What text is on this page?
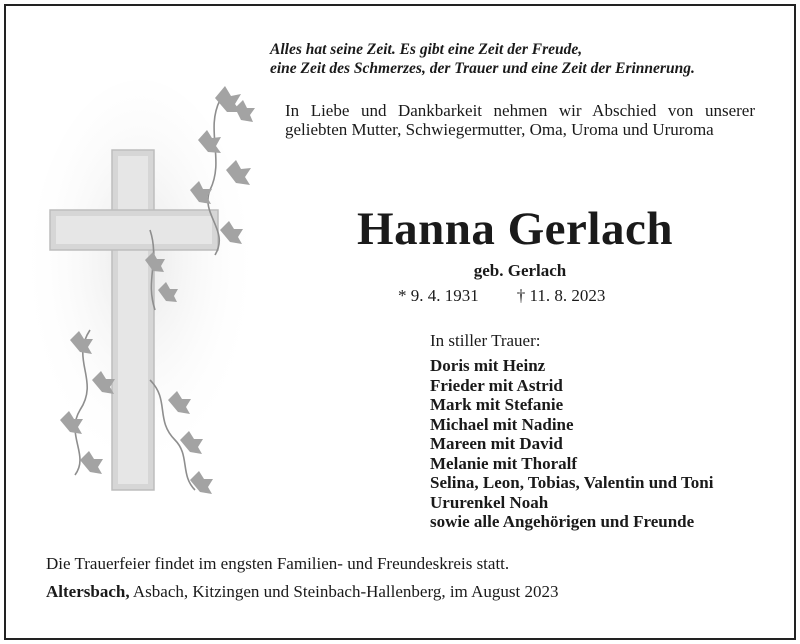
Alles hat seine Zeit. Es gibt eine Zeit der Freude,
eine Zeit des Schmerzes, der Trauer und eine Zeit der Erinnerung.
In Liebe und Dankbarkeit nehmen wir Abschied von unserer geliebten Mutter, Schwiegermutter, Oma, Uroma und Ururoma
Hanna Gerlach
geb. Gerlach
* 9. 4. 1931 † 11. 8. 2023
In stiller Trauer:
Doris mit Heinz
Frieder mit Astrid
Mark mit Stefanie
Michael mit Nadine
Mareen mit David
Melanie mit Thoralf
Selina, Leon, Tobias, Valentin und Toni
Ururenkel Noah
sowie alle Angehörigen und Freunde
Die Trauerfeier findet im engsten Familien- und Freundeskreis statt.
Altersbach, Asbach, Kitzingen und Steinbach-Hallenberg, im August 2023
